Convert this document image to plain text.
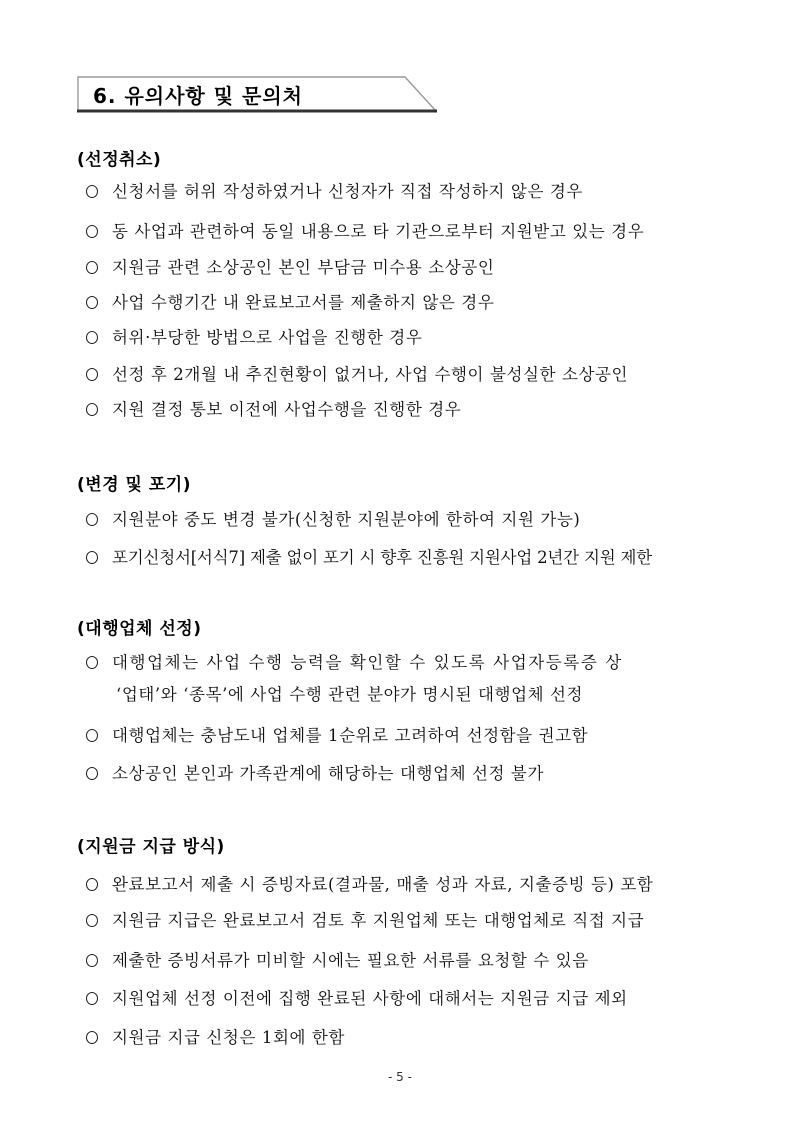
6. 유의사항 및 문의처
(선정취소)
신청서를 허위 작성하였거나 신청자가 직접 작성하지 않은 경우
동 사업과 관련하여 동일 내용으로 타 기관으로부터 지원받고 있는 경우
지원금 관련 소상공인 본인 부담금 미수용 소상공인
사업 수행기간 내 완료보고서를 제출하지 않은 경우
허위·부당한 방법으로 사업을 진행한 경우
선정 후 2개월 내 추진현황이 없거나, 사업 수행이 불성실한 소상공인
지원 결정 통보 이전에 사업수행을 진행한 경우
(변경 및 포기)
지원분야 중도 변경 불가(신청한 지원분야에 한하여 지원 가능)
포기신청서[서식7] 제출 없이 포기 시 향후 진흥원 지원사업 2년간 지원 제한
(대행업체 선정)
대행업체는 사업 수행 능력을 확인할 수 있도록 사업자등록증 상
‘업태’와 ‘종목’에 사업 수행 관련 분야가 명시된 대행업체 선정
대행업체는 충남도내 업체를 1순위로 고려하여 선정함을 권고함
소상공인 본인과 가족관계에 해당하는 대행업체 선정 불가
(지원금 지급 방식)
완료보고서 제출 시 증빙자료(결과물, 매출 성과 자료, 지출증빙 등) 포함
지원금 지급은 완료보고서 검토 후 지원업체 또는 대행업체로 직접 지급
제출한 증빙서류가 미비할 시에는 필요한 서류를 요청할 수 있음
지원업체 선정 이전에 집행 완료된 사항에 대해서는 지원금 지급 제외
지원금 지급 신청은 1회에 한함
- 5 -
